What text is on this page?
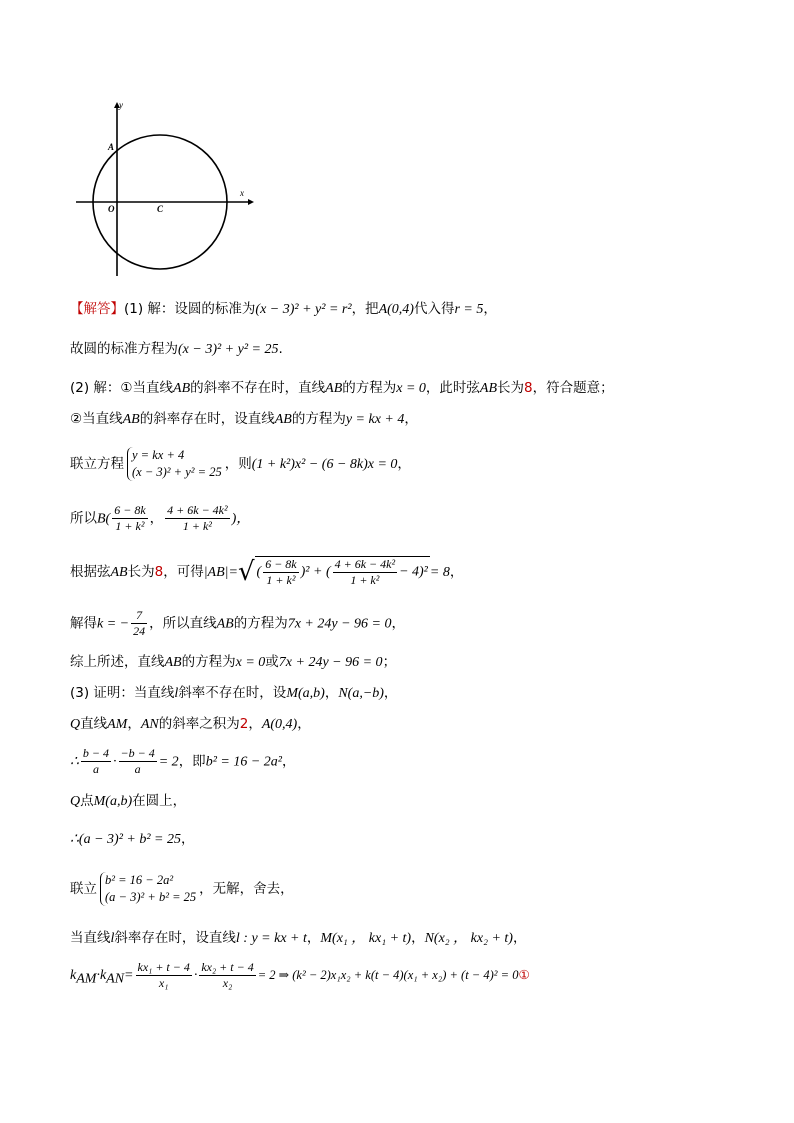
y
x
A
O	C
【解答】(1) 解：设圆的标准为(x − 3)² + y² = r²，把A(0,4)代入得r = 5，
故圆的标准方程为(x − 3)² + y² = 25.
(2) 解：①当直线AB的斜率不存在时，直线AB的方程为x = 0，此时弦AB长为8，符合题意；
②当直线AB的斜率存在时，设直线AB的方程为y = kx + 4，
联立方程
y = kx + 4
(x − 3)² + y² = 25 ，则(1 + k²)x² − (6 − 8k)x = 0，
所以$B( \frac{6 - 8k}{\text{1 + k²}}$ ， $\frac{\text{4 + 6k − 4k²}}{\text{1 + k²}}$ )，
根据弦AB长为8，可得|AB|=√ ( $\frac{6 - 8k}{\text{1 + k²}} )^2$ + ( $\frac{\text{4 + 6k − 4k²}}{\text{1 + k²}} - 4)^2 = 8$，
解得k = − $\frac{7}{24}$ ，所以直线AB的方程为7x + 24y − 96 = 0，
综上所述，直线AB的方程为x = 0或7x + 24y − 96 = 0；
(3) 证明：当直线l斜率不存在时，设M(a,b)，N(a,−b)，
Q直线AM，AN的斜率之积为2，A(0,4)，
∴ $\frac{b - 4}{a} \cdot \frac{-b - 4}{a} = 2$，即b² = 16 − 2a²，
Q点M(a,b)在圆上，
∴(a − 3)² + b² = 25，
联立
b² = 16 − 2a²
(a − 3)² + b² = 25 ，无解，舍去，
当直线l斜率存在时，设直线l : y = kx + t，M(x₁ ， kx₁ + t)，N(x₂ ， kx₂ + t)，
$k_{AM}\cdot k_{AN}= \frac{\text{kx₁ + t − 4}}{\text{x₁}} \cdot \frac{\text{kx₂ + t − 4}}{\text{x₂}} = 2$ ⇒ (k² − 2)x₁x₂ + k(t − 4)(x₁ + x₂) + (t − 4)² = 0①
